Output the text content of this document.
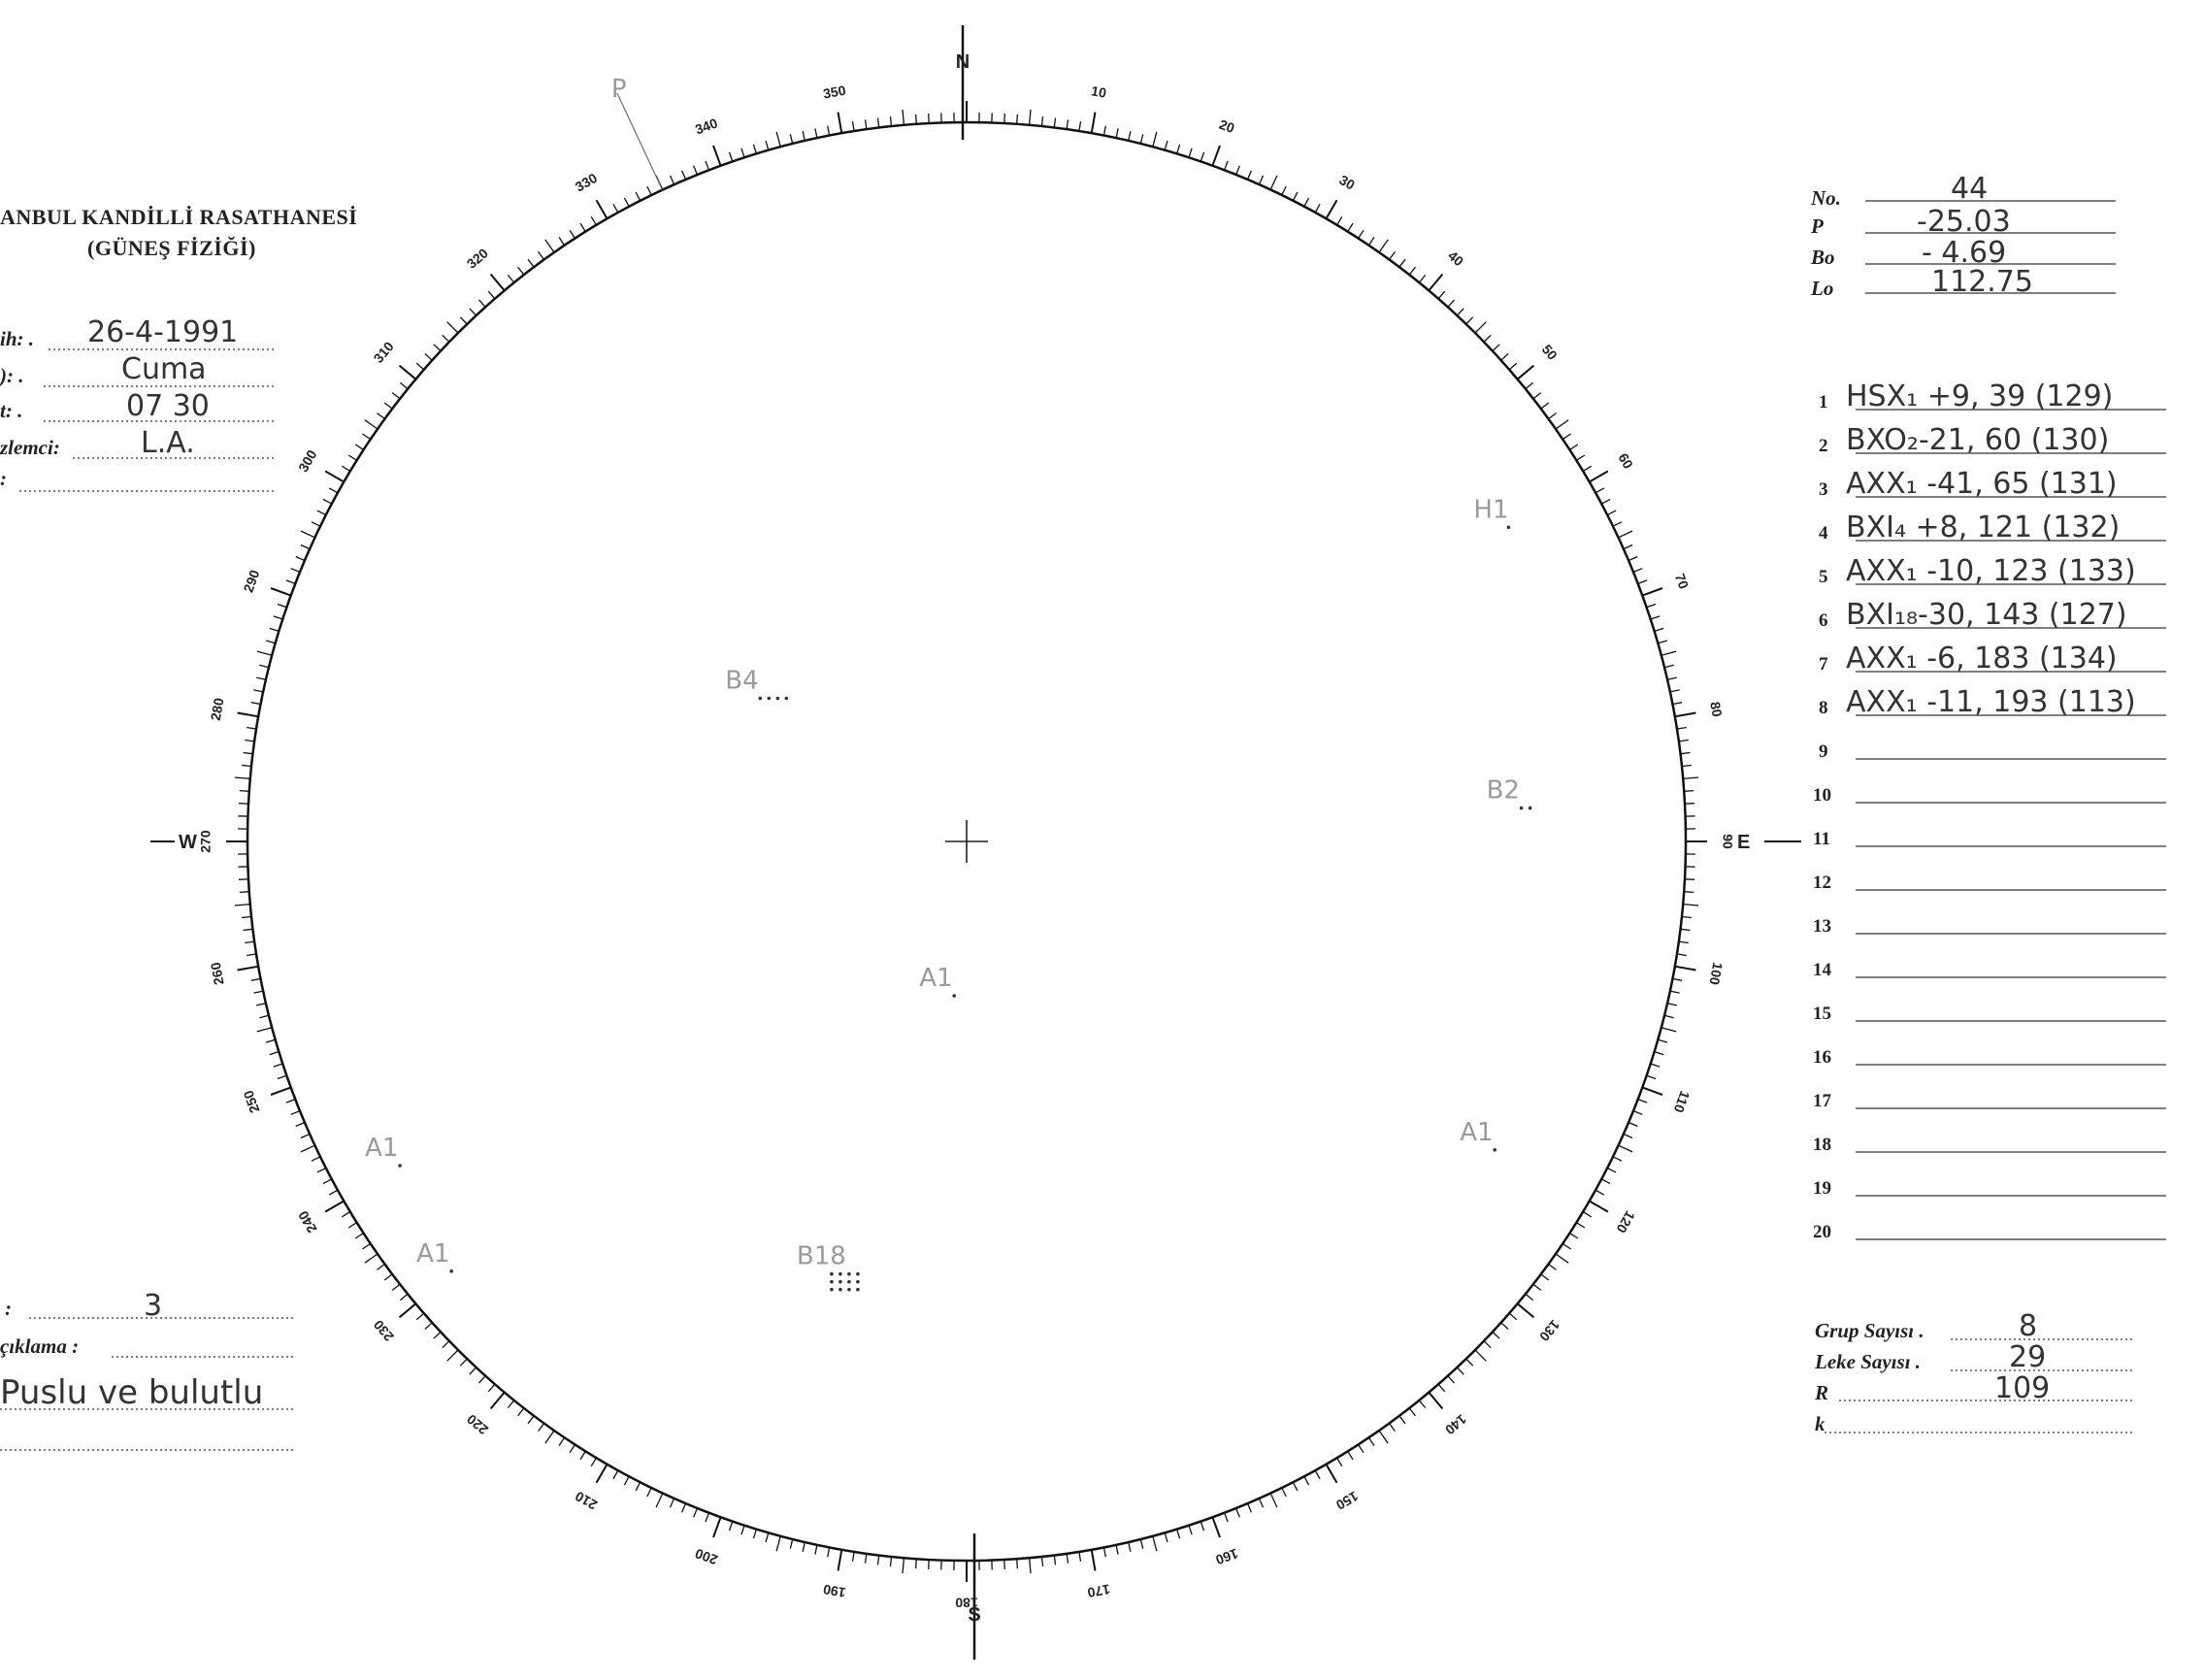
ANBUL KANDİLLİ RASATHANESİ
(GÜNEŞ FİZİĞİ)
ih: . 26-4-1991
): .	Cuma
t: .	07 30
zlemci:	L.A.
:
:	3
çıklama :
Puslu ve bulutlu
No.	44
P	-25.03
Bo	- 4.69
Lo	112.75
1 HSX₁ +9, 39 (129)
2 BXO₂-21, 60 (130)
3 AXX₁ -41, 65 (131)
4 BXI₄ +8, 121 (132)
5 AXX₁ -10, 123 (133)
6 BXI₁₈-30, 143 (127)
7 AXX₁ -6, 183 (134)
8 AXX₁ -11, 193 (113)
9
10
11
12
13
14
15
16
17
18
19
20
Grup Sayısı .	8
Leke Sayısı .	29
R	109
k
10
20
30
40
50
60
70
80
90
100
110
120
130
140
150
160
170
180
190
200
210
220
230
240
250
260
270
280
290
300
310
320
330
340
350
N
S
E
W
H1
B4
B2
A1
A1
A1
A1	B18
P
